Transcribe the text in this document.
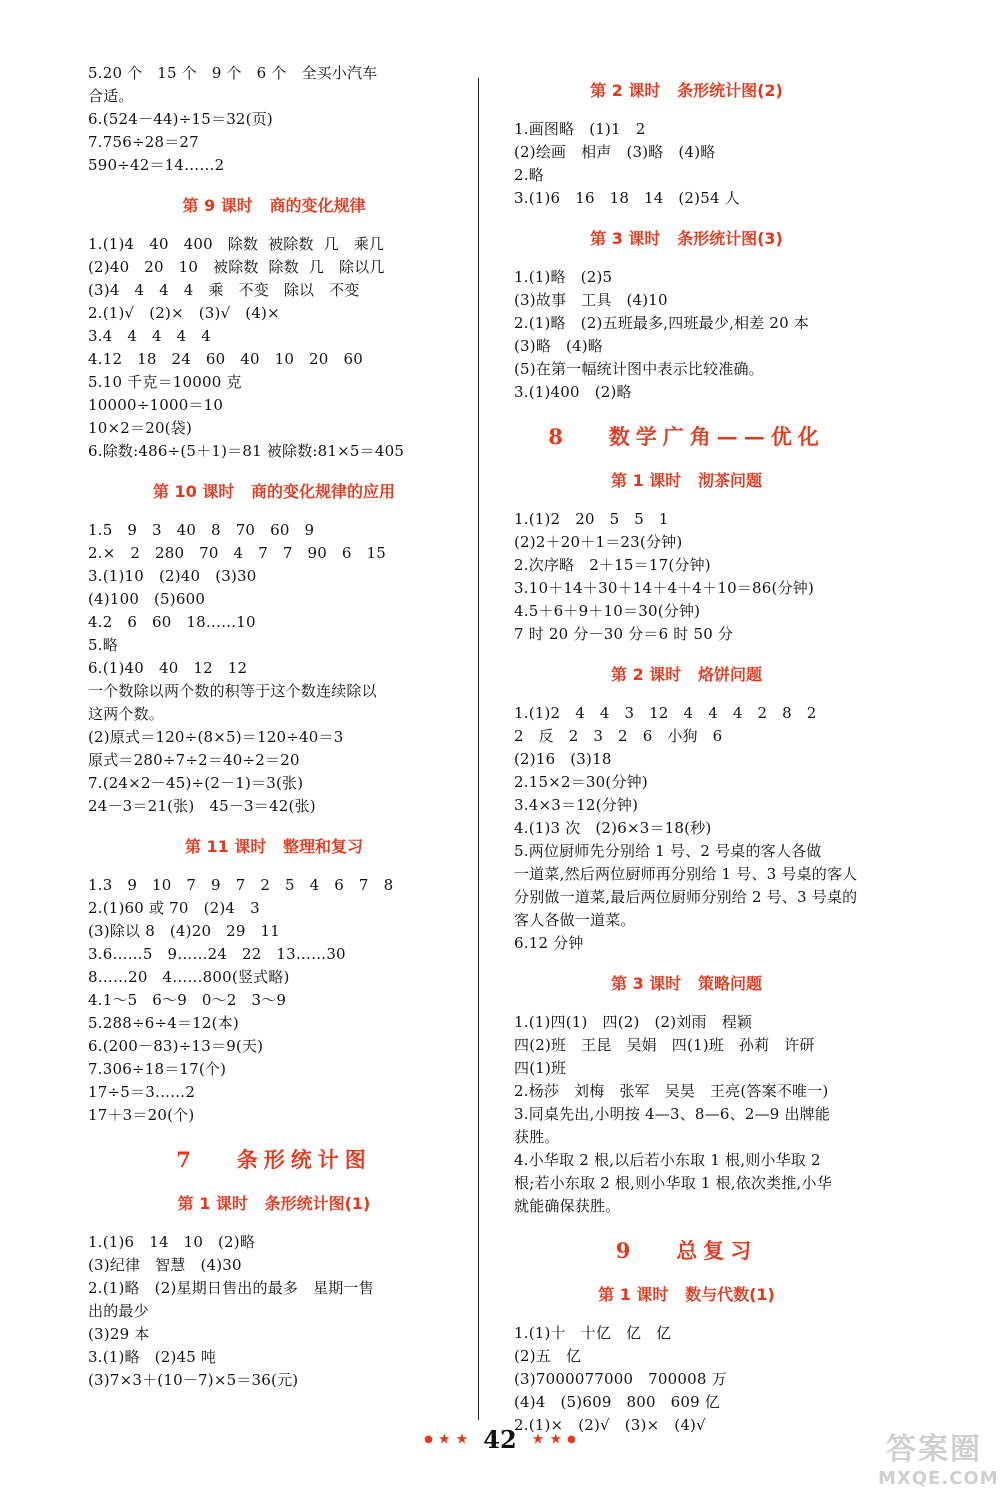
5.20 个   15 个   9 个   6 个   全买小汽车
合适。
6.(524－44)÷15＝32(页)
7.756÷28＝27
590÷42＝14……2
第 9 课时   商的变化规律
1.(1)4   40   400   除数  被除数  几   乘几
(2)40   20   10   被除数  除数  几   除以几
(3)4   4   4   4   乘   不变   除以   不变
2.(1)√   (2)×   (3)√   (4)×
3.4   4   4   4   4
4.12   18   24   60   40   10   20   60
5.10 千克＝10000 克
10000÷1000＝10
10×2＝20(袋)
6.除数:486÷(5＋1)＝81 被除数:81×5＝405
第 10 课时   商的变化规律的应用
1.5   9   3   40   8   70   60   9
2.×   2   280   70   4   7   7   90   6   15
3.(1)10   (2)40   (3)30
(4)100   (5)600
4.2   6   60   18……10
5.略
6.(1)40   40   12   12
一个数除以两个数的积等于这个数连续除以
这两个数。
(2)原式＝120÷(8×5)＝120÷40＝3
原式＝280÷7÷2＝40÷2＝20
7.(24×2－45)÷(2－1)＝3(张)
24－3＝21(张)   45－3＝42(张)
第 11 课时   整理和复习
1.3   9   10   7   9   7   2   5   4   6   7   8
2.(1)60 或 70   (2)4   3
(3)除以 8   (4)20   29   11
3.6……5   9……24   22   13……30
8……20   4……800(竖式略)
4.1～5   6～9   0～2   3～9
5.288÷6÷4＝12(本)
6.(200－83)÷13＝9(天)
7.306÷18＝17(个)
17÷5＝3……2
17＋3＝20(个)
7   条形统计图
第 1 课时   条形统计图(1)
1.(1)6   14   10   (2)略
(3)纪律   智慧   (4)30
2.(1)略   (2)星期日售出的最多   星期一售
出的最少
(3)29 本
3.(1)略   (2)45 吨
(3)7×3＋(10－7)×5＝36(元)
第 2 课时   条形统计图(2)
1.画图略   (1)1   2
(2)绘画   相声   (3)略   (4)略
2.略
3.(1)6   16   18   14   (2)54 人
第 3 课时   条形统计图(3)
1.(1)略   (2)5
(3)故事   工具   (4)10
2.(1)略   (2)五班最多,四班最少,相差 20 本
(3)略   (4)略
(5)在第一幅统计图中表示比较准确。
3.(1)400   (2)略
8   数学广角——优化
第 1 课时   沏茶问题
1.(1)2   20   5   5   1
(2)2＋20＋1＝23(分钟)
2.次序略   2＋15＝17(分钟)
3.10＋14＋30＋14＋4＋4＋10＝86(分钟)
4.5＋6＋9＋10＝30(分钟)
7 时 20 分－30 分＝6 时 50 分
第 2 课时   烙饼问题
1.(1)2   4   4   3   12   4   4   4   2   8   2
2   反   2   3   2   6   小狗   6
(2)16   (3)18
2.15×2＝30(分钟)
3.4×3＝12(分钟)
4.(1)3 次   (2)6×3＝18(秒)
5.两位厨师先分别给 1 号、2 号桌的客人各做
一道菜,然后两位厨师再分别给 1 号、3 号桌的客人
分别做一道菜,最后两位厨师分别给 2 号、3 号桌的
客人各做一道菜。
6.12 分钟
第 3 课时   策略问题
1.(1)四(1)   四(2)   (2)刘雨   程颖
四(2)班   王昆   吴娟   四(1)班   孙莉   许研
四(1)班
2.杨莎   刘梅   张军   吴昊   王亮(答案不唯一)
3.同桌先出,小明按 4—3、8—6、2—9 出牌能
获胜。
4.小华取 2 根,以后若小东取 1 根,则小华取 2
根;若小东取 2 根,则小华取 1 根,依次类推,小华
就能确保获胜。
9   总复习
第 1 课时   数与代数(1)
1.(1)十   十亿   亿   亿
(2)五   亿
(3)7000077000   700008 万
(4)4   (5)609   800   609 亿
2.(1)×   (2)√   (3)×   (4)√
● ★ ★ 42 ★ ★ ●	答案圈
MXQE.COM
